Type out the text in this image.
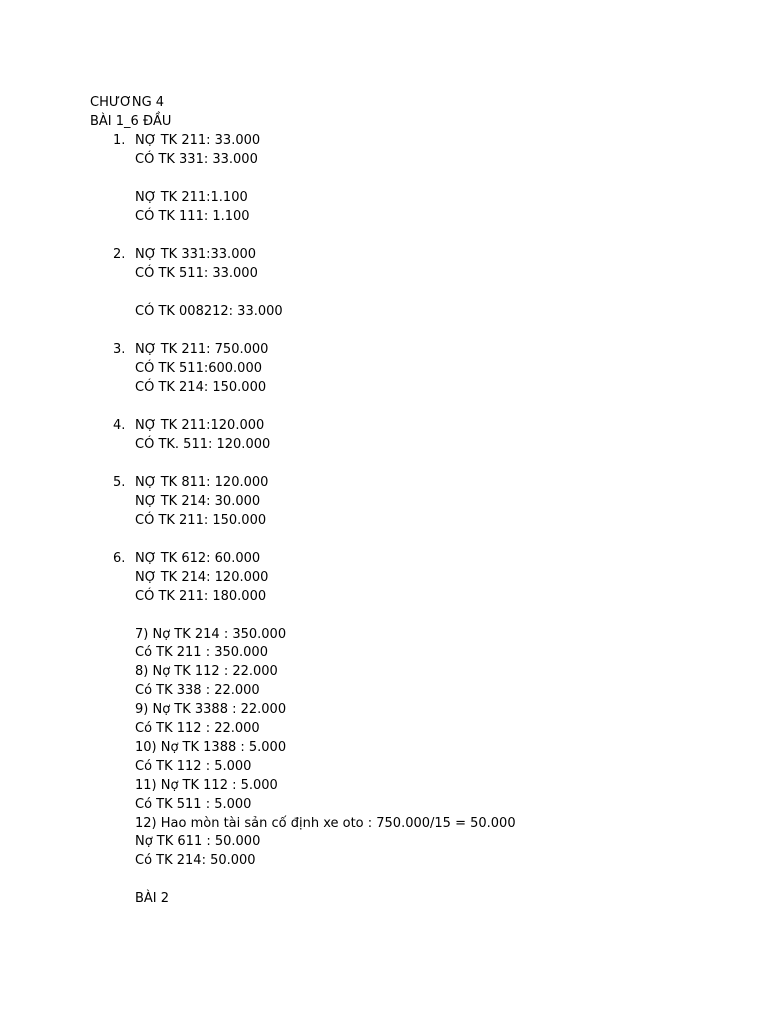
CHƯƠNG 4
BÀI 1_6 ĐẦU
1. NỢ TK 211: 33.000
CÓ TK 331: 33.000
NỢ TK 211:1.100
CÓ TK 111: 1.100
2. NỢ TK 331:33.000
CÓ TK 511: 33.000
CÓ TK 008212: 33.000
3. NỢ TK 211: 750.000
CÓ TK 511:600.000
CÓ TK 214: 150.000
4. NỢ TK 211:120.000
CÓ TK. 511: 120.000
5. NỢ TK 811: 120.000
NỢ TK 214: 30.000
CÓ TK 211: 150.000
6. NỢ TK 612: 60.000
NỢ TK 214: 120.000
CÓ TK 211: 180.000
7) Nợ TK 214 : 350.000
Có TK 211 : 350.000
8) Nợ TK 112 : 22.000
Có TK 338 : 22.000
9) Nợ TK 3388 : 22.000
Có TK 112 : 22.000
10) Nợ TK 1388 : 5.000
Có TK 112 : 5.000
11) Nợ TK 112 : 5.000
Có TK 511 : 5.000
12) Hao mòn tài sản cố định xe oto : 750.000/15 = 50.000
Nợ TK 611 : 50.000
Có TK 214: 50.000
BÀI 2
